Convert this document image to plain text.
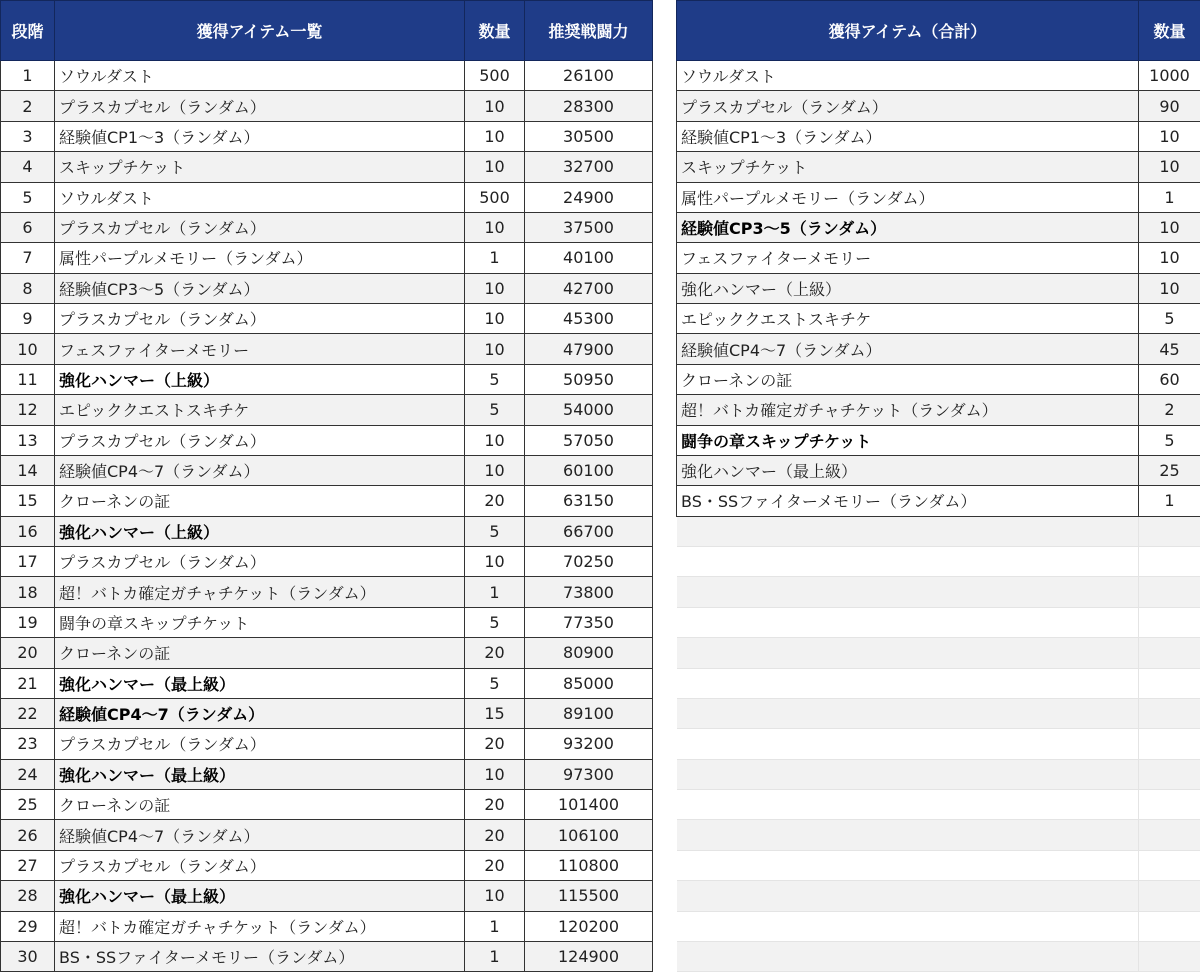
段階	獲得アイテム一覧	数量	推奨戦闘力
1	ソウルダスト	500	26100
2	プラスカプセル（ランダム）	10	28300
3	経験値CP1～3（ランダム）	10	30500
4	スキップチケット	10	32700
5	ソウルダスト	500	24900
6	プラスカプセル（ランダム）	10	37500
7	属性パープルメモリー（ランダム）	1	40100
8	経験値CP3～5（ランダム）	10	42700
9	プラスカプセル（ランダム）	10	45300
10	フェスファイターメモリー	10	47900
11	強化ハンマー（上級）	5	50950
12	エピッククエストスキチケ	5	54000
13	プラスカプセル（ランダム）	10	57050
14	経験値CP4～7（ランダム）	10	60100
15	クローネンの証	20	63150
16	強化ハンマー（上級）	5	66700
17	プラスカプセル（ランダム）	10	70250
18	超！バトカ確定ガチャチケット（ランダム）	1	73800
19	闘争の章スキップチケット	5	77350
20	クローネンの証	20	80900
21	強化ハンマー（最上級）	5	85000
22	経験値CP4～7（ランダム）	15	89100
23	プラスカプセル（ランダム）	20	93200
24	強化ハンマー（最上級）	10	97300
25	クローネンの証	20	101400
26	経験値CP4～7（ランダム）	20	106100
27	プラスカプセル（ランダム）	20	110800
28	強化ハンマー（最上級）	10	115500
29	超！バトカ確定ガチャチケット（ランダム）	1	120200
30	BS・SSファイターメモリー（ランダム）	1	124900
獲得アイテム（合計）	数量
ソウルダスト	1000
プラスカプセル（ランダム）	90
経験値CP1～3（ランダム）	10
スキップチケット	10
属性パープルメモリー（ランダム）	1
経験値CP3～5（ランダム）	10
フェスファイターメモリー	10
強化ハンマー（上級）	10
エピッククエストスキチケ	5
経験値CP4～7（ランダム）	45
クローネンの証	60
超！バトカ確定ガチャチケット（ランダム）	2
闘争の章スキップチケット	5
強化ハンマー（最上級）	25
BS・SSファイターメモリー（ランダム）	1
